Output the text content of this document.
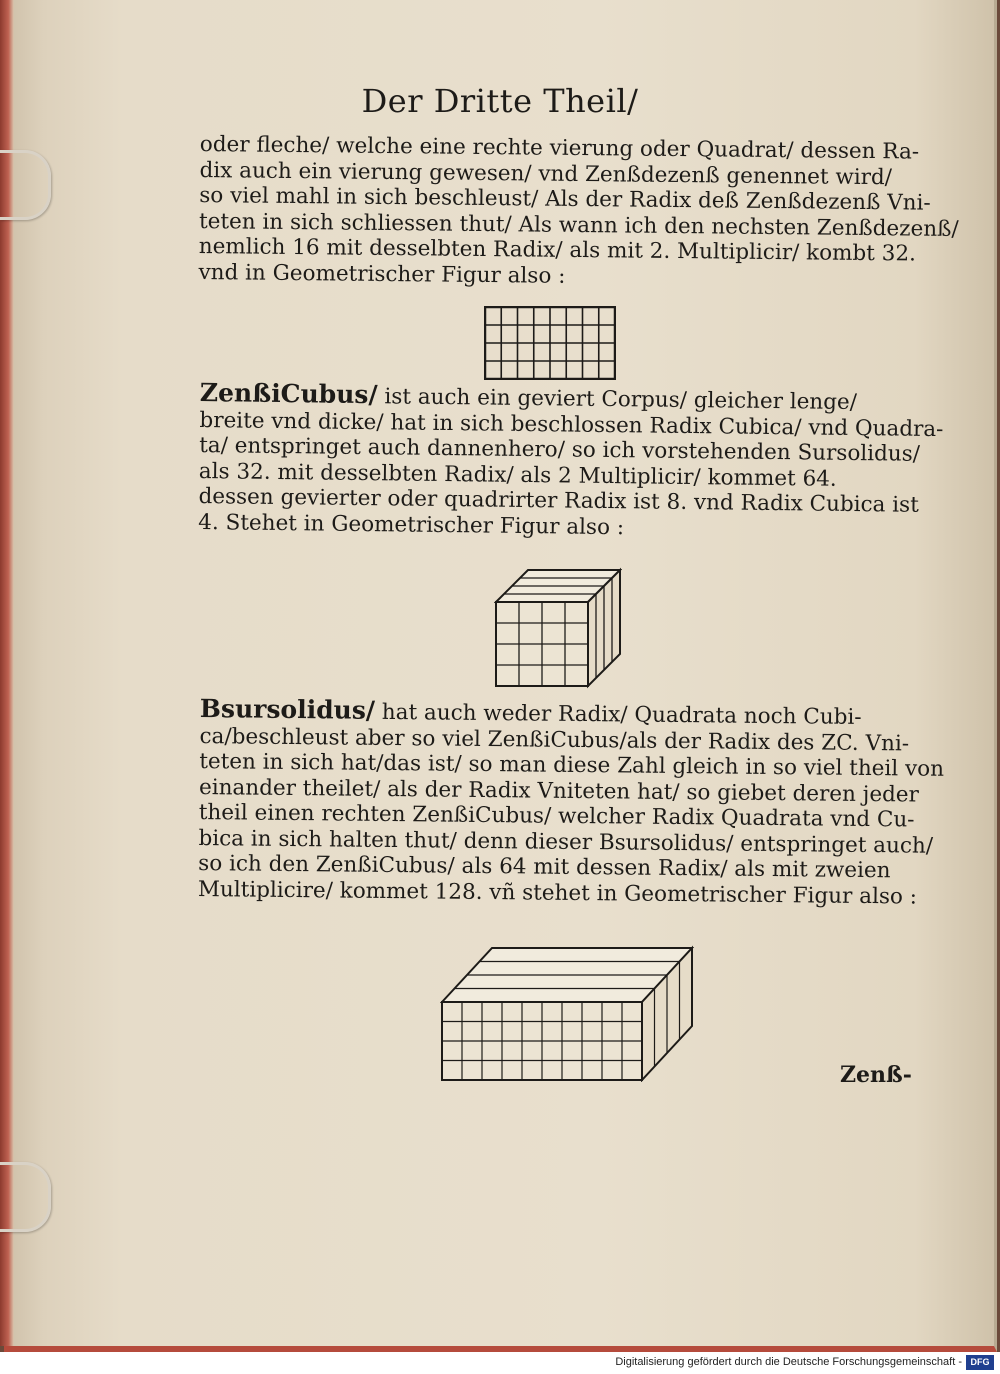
Der Dritte Theil/
oder fleche/ welche eine rechte vierung oder Quadrat/ dessen Ra-
dix auch ein vierung gewesen/ vnd Zenßdezenß genennet wird/
so viel mahl in sich beschleust/ Als der Radix deß Zenßdezenß Vni-
teten in sich schliessen thut/ Als wann ich den nechsten Zenßdezenß/
nemlich 16 mit desselbten Radix/ als mit 2. Multiplicir/ kombt 32.
vnd in Geometrischer Figur also :
ZenßiCubus/ ist auch ein geviert Corpus/ gleicher lenge/
breite vnd dicke/ hat in sich beschlossen Radix Cubica/ vnd Quadra-
ta/ entspringet auch dannenhero/ so ich vorstehenden Sursolidus/
als 32. mit desselbten Radix/ als 2 Multiplicir/ kommet 64.
dessen gevierter oder quadrirter Radix ist 8. vnd Radix Cubica ist
4. Stehet in Geometrischer Figur also :
Bsursolidus/ hat auch weder Radix/ Quadrata noch Cubi-
ca/beschleust aber so viel ZenßiCubus/als der Radix des ZC. Vni-
teten in sich hat/das ist/ so man diese Zahl gleich in so viel theil von
einander theilet/ als der Radix Vniteten hat/ so giebet deren jeder
theil einen rechten ZenßiCubus/ welcher Radix Quadrata vnd Cu-
bica in sich halten thut/ denn dieser Bsursolidus/ entspringet auch/
so ich den ZenßiCubus/ als 64 mit dessen Radix/ als mit zweien
Multiplicire/ kommet 128. vñ stehet in Geometrischer Figur also :
Zenß-
Digitalisierung gefördert durch die Deutsche Forschungsgemeinschaft - DFG
